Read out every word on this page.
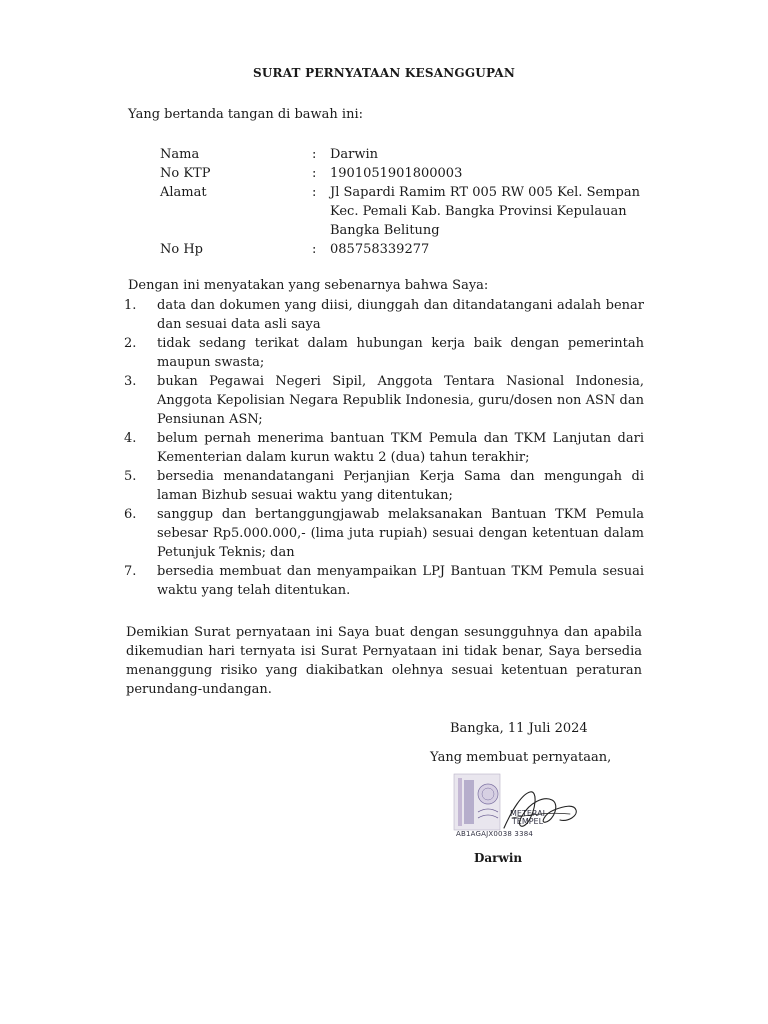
SURAT PERNYATAAN KESANGGUPAN
Yang bertanda tangan di bawah ini:
Nama	:	Darwin
No KTP	:	1901051901800003
Alamat	:	Jl Sapardi Ramim RT 005 RW 005 Kel. Sempan Kec. Pemali Kab. Bangka Provinsi Kepulauan Bangka Belitung
No Hp	:	085758339277
Dengan ini menyatakan yang sebenarnya bahwa Saya:
1.	data dan dokumen yang diisi, diunggah dan ditandatangani adalah benar dan sesuai data asli saya
2.	tidak sedang terikat dalam hubungan kerja baik dengan pemerintah maupun swasta;
3.	bukan Pegawai Negeri Sipil, Anggota Tentara Nasional Indonesia, Anggota Kepolisian Negara Republik Indonesia, guru/dosen non ASN dan Pensiunan ASN;
4.	belum pernah menerima bantuan TKM Pemula dan TKM Lanjutan dari Kementerian dalam kurun waktu 2 (dua) tahun terakhir;
5.	bersedia menandatangani Perjanjian Kerja Sama dan mengungah di laman Bizhub sesuai waktu yang ditentukan;
6.	sanggup dan bertanggungjawab melaksanakan Bantuan TKM Pemula sebesar Rp5.000.000,- (lima juta rupiah) sesuai dengan ketentuan dalam Petunjuk Teknis; dan
7.	bersedia membuat dan menyampaikan LPJ Bantuan TKM Pemula sesuai waktu yang telah ditentukan.
Demikian Surat pernyataan ini Saya buat dengan sesungguhnya dan apabila dikemudian hari ternyata isi Surat Pernyataan ini tidak benar, Saya bersedia menanggung risiko yang diakibatkan olehnya sesuai ketentuan peraturan perundang-undangan.
Bangka, 11 Juli 2024
Yang membuat pernyataan,
METERAI
TEMPEL
AB1AGAJX0038 3384
Darwin
